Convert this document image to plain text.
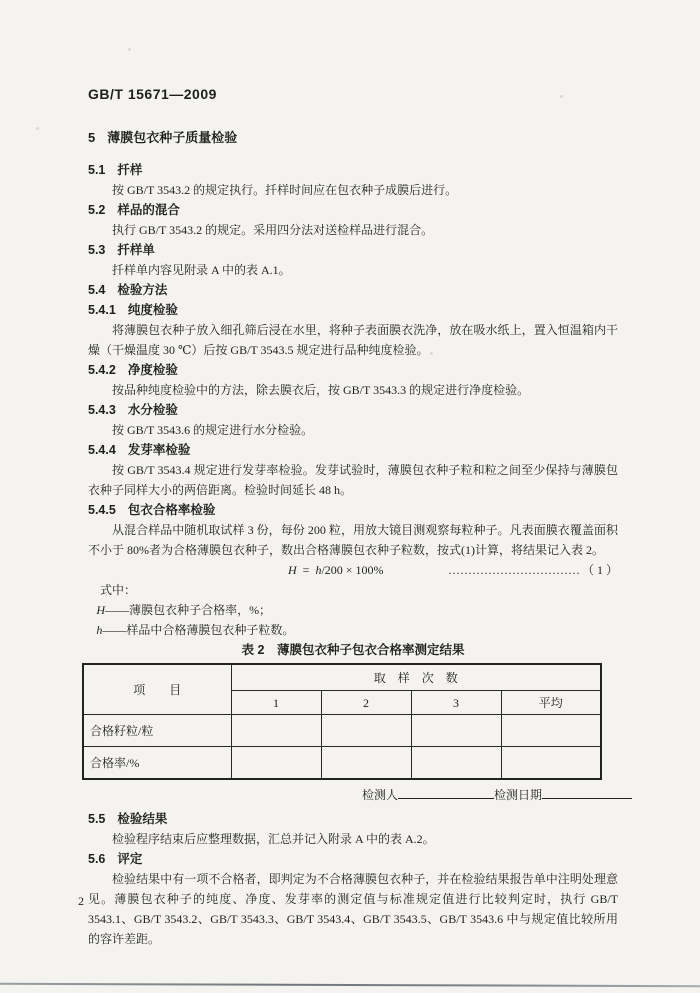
GB/T 15671—2009
5 薄膜包衣种子质量检验
5.1 扦样

按 GB/T 3543.2 的规定执行。扦样时间应在包衣种子成膜后进行。

5.2 样品的混合

执行 GB/T 3543.2 的规定。采用四分法对送检样品进行混合。

5.3 扦样单

扦样单内容见附录 A 中的表 A.1。

5.4 检验方法
5.4.1 纯度检验

将薄膜包衣种子放入细孔筛后浸在水里，将种子表面膜衣洗净，放在吸水纸上，置入恒温箱内干燥（干燥温度 30 ℃）后按 GB/T 3543.5 规定进行品种纯度检验。

5.4.2 净度检验

按品种纯度检验中的方法，除去膜衣后，按 GB/T 3543.3 的规定进行净度检验。

5.4.3 水分检验

按 GB/T 3543.6 的规定进行水分检验。

5.4.4 发芽率检验

按 GB/T 3543.4 规定进行发芽率检验。发芽试验时，薄膜包衣种子粒和粒之间至少保持与薄膜包衣种子同样大小的两倍距离。检验时间延长 48 h。

5.4.5 包衣合格率检验

从混合样品中随机取试样 3 份，每份 200 粒，用放大镜目测观察每粒种子。凡表面膜衣覆盖面积不小于 80%者为合格薄膜包衣种子，数出合格薄膜包衣种子粒数，按式(1)计算，将结果记入表 2。

H = h/200 × 100%	…………………………… （ 1 ）

式中：

H——薄膜包衣种子合格率，%；

h——样品中合格薄膜包衣种子粒数。

表 2　薄膜包衣种子包衣合格率测定结果

项　　目	取　样　次　数			
	1	2	3	平均
合格籽粒/粒				
合格率/%				
检测人	检测日期
5.5 检验结果

检验程序结束后应整理数据，汇总并记入附录 A 中的表 A.2。

5.6 评定

检验结果中有一项不合格者，即判定为不合格薄膜包衣种子，并在检验结果报告单中注明处理意见。薄膜包衣种子的纯度、净度、发芽率的测定值与标准规定值进行比较判定时，执行 GB/T 3543.1、GB/T 3543.2、GB/T 3543.3、GB/T 3543.4、GB/T 3543.5、GB/T 3543.6 中与规定值比较所用的容许差距。

2
